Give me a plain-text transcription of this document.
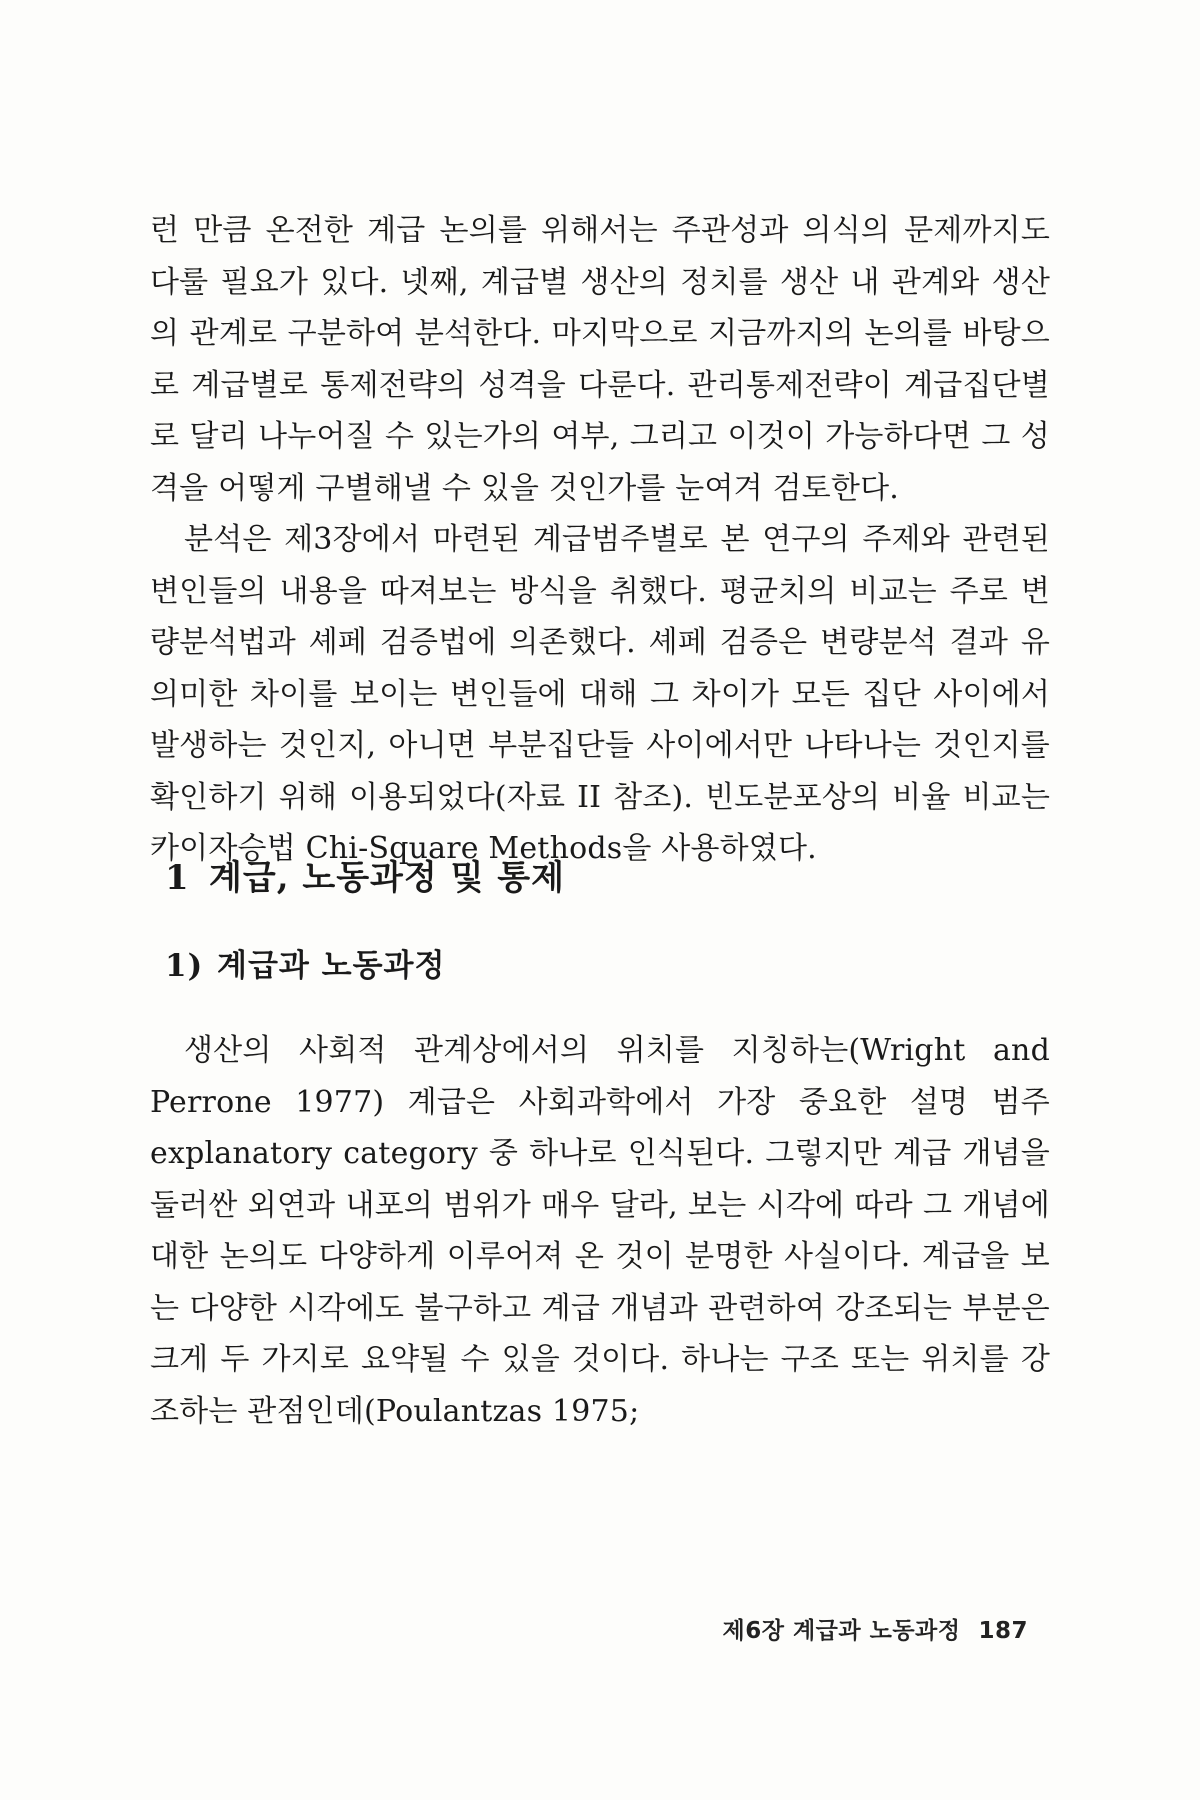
런 만큼 온전한 계급 논의를 위해서는 주관성과 의식의 문제까지도 다룰 필요가 있다. 넷째, 계급별 생산의 정치를 생산 내 관계와 생산의 관계로 구분하여 분석한다. 마지막으로 지금까지의 논의를 바탕으로 계급별로 통제전략의 성격을 다룬다. 관리통제전략이 계급집단별로 달리 나누어질 수 있는가의 여부, 그리고 이것이 가능하다면 그 성격을 어떻게 구별해낼 수 있을 것인가를 눈여겨 검토한다.

분석은 제3장에서 마련된 계급범주별로 본 연구의 주제와 관련된 변인들의 내용을 따져보는 방식을 취했다. 평균치의 비교는 주로 변량분석법과 셰페 검증법에 의존했다. 셰페 검증은 변량분석 결과 유의미한 차이를 보이는 변인들에 대해 그 차이가 모든 집단 사이에서 발생하는 것인지, 아니면 부분집단들 사이에서만 나타나는 것인지를 확인하기 위해 이용되었다(자료 II 참조). 빈도분포상의 비율 비교는 카이자승법 Chi-Square Methods을 사용하였다.

1 계급, 노동과정 및 통제
1) 계급과 노동과정

생산의 사회적 관계상에서의 위치를 지칭하는(Wright and Perrone 1977) 계급은 사회과학에서 가장 중요한 설명 범주 explanatory category 중 하나로 인식된다. 그렇지만 계급 개념을 둘러싼 외연과 내포의 범위가 매우 달라, 보는 시각에 따라 그 개념에 대한 논의도 다양하게 이루어져 온 것이 분명한 사실이다. 계급을 보는 다양한 시각에도 불구하고 계급 개념과 관련하여 강조되는 부분은 크게 두 가지로 요약될 수 있을 것이다. 하나는 구조 또는 위치를 강조하는 관점인데(Poulantzas 1975;

제6장 계급과 노동과정 187
